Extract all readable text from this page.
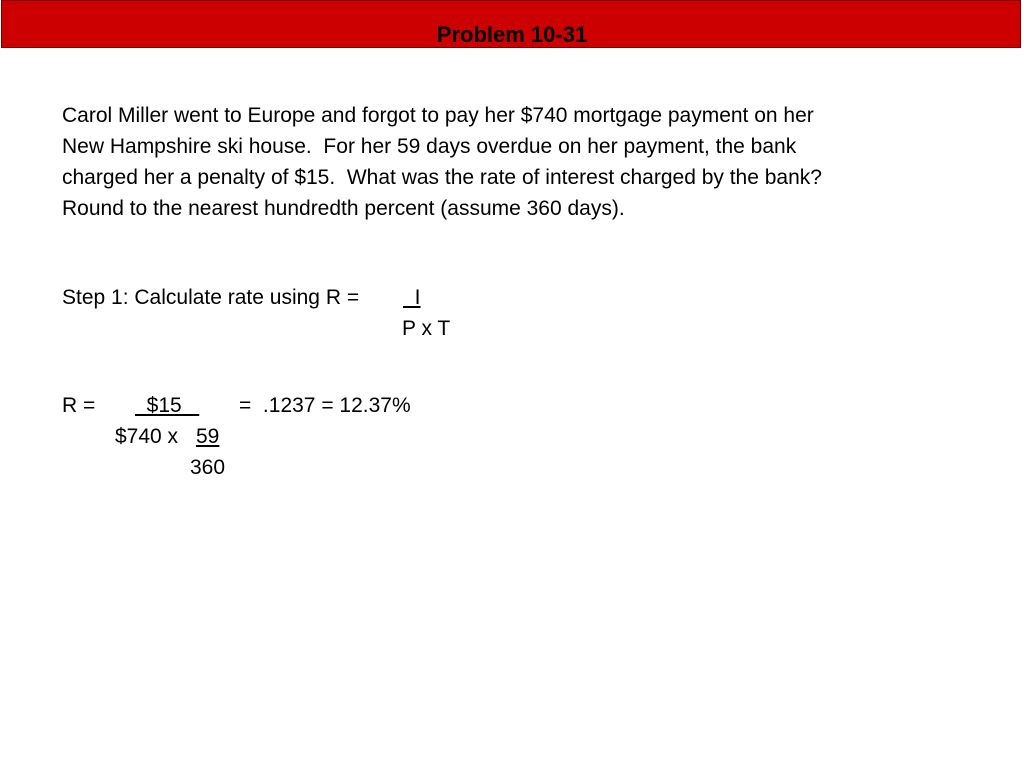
Problem 10-31
Carol Miller went to Europe and forgot to pay her $740 mortgage payment on her
New Hampshire ski house.  For her 59 days overdue on her payment, the bank
charged her a penalty of $15.  What was the rate of interest charged by the bank?
Round to the nearest hundredth percent (assume 360 days).
Step 1: Calculate rate using R = I
P x T
R = $15 =  .1237 = 12.37%
$740 x 59
360
